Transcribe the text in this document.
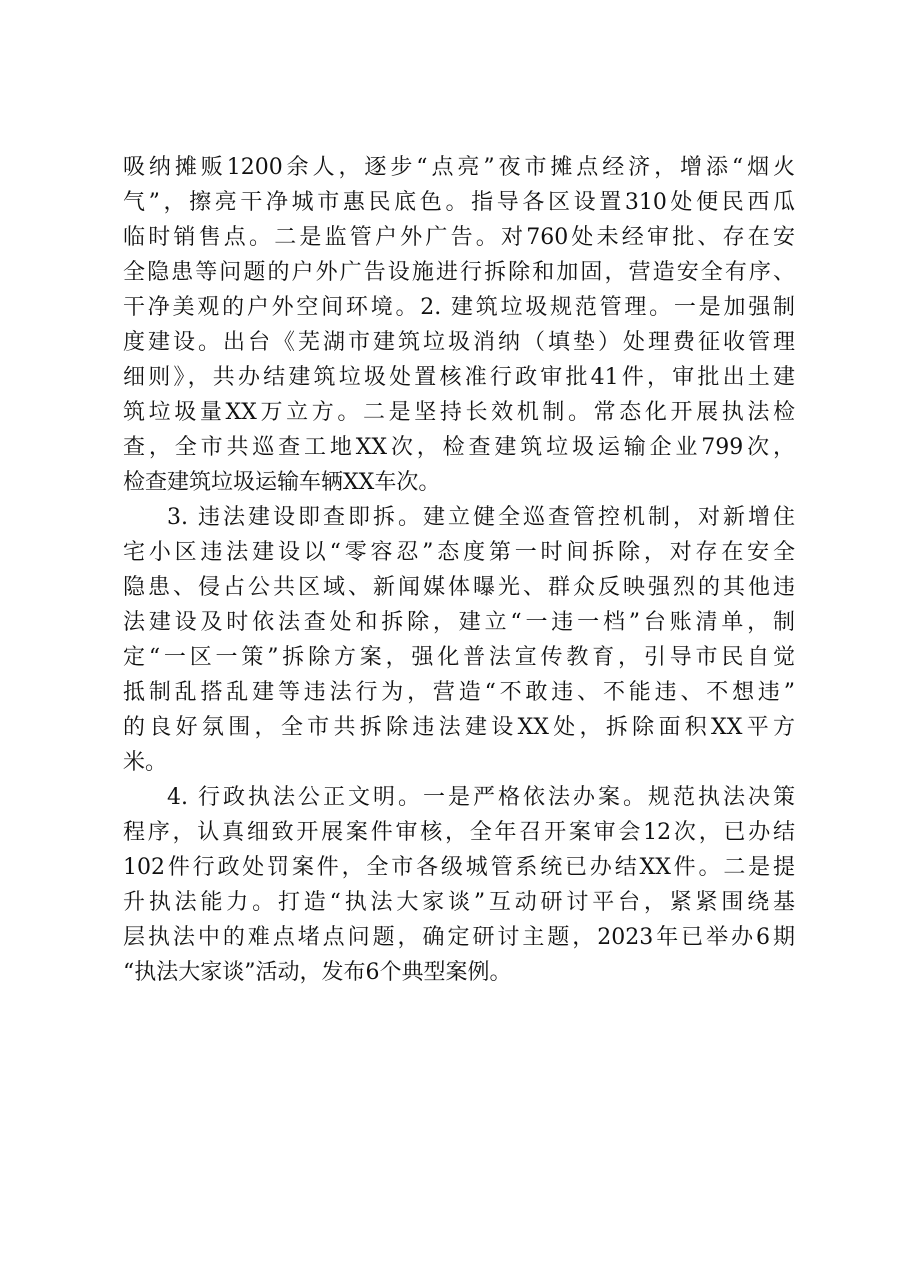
吸纳摊贩1200余人，逐步“点亮”夜市摊点经济，增添“烟火
气”，擦亮干净城市惠民底色。指导各区设置310处便民西瓜
临时销售点。二是监管户外广告。对760处未经审批、存在安
全隐患等问题的户外广告设施进行拆除和加固，营造安全有序、
干净美观的户外空间环境。2. 建筑垃圾规范管理。一是加强制
度建设。出台《芜湖市建筑垃圾消纳（填垫）处理费征收管理
细则》，共办结建筑垃圾处置核准行政审批41件，审批出土建
筑垃圾量XX万立方。二是坚持长效机制。常态化开展执法检
查，全市共巡查工地XX次，检查建筑垃圾运输企业799次，
检查建筑垃圾运输车辆XX车次。
3. 违法建设即查即拆。建立健全巡查管控机制，对新增住
宅小区违法建设以“零容忍”态度第一时间拆除，对存在安全
隐患、侵占公共区域、新闻媒体曝光、群众反映强烈的其他违
法建设及时依法查处和拆除，建立“一违一档”台账清单，制
定“一区一策”拆除方案，强化普法宣传教育，引导市民自觉
抵制乱搭乱建等违法行为，营造“不敢违、不能违、不想违”
的良好氛围，全市共拆除违法建设XX处，拆除面积XX平方
米。
4. 行政执法公正文明。一是严格依法办案。规范执法决策
程序，认真细致开展案件审核，全年召开案审会12次，已办结
102件行政处罚案件，全市各级城管系统已办结XX件。二是提
升执法能力。打造“执法大家谈”互动研讨平台，紧紧围绕基
层执法中的难点堵点问题，确定研讨主题，2023年已举办6期
“执法大家谈”活动，发布6个典型案例。
